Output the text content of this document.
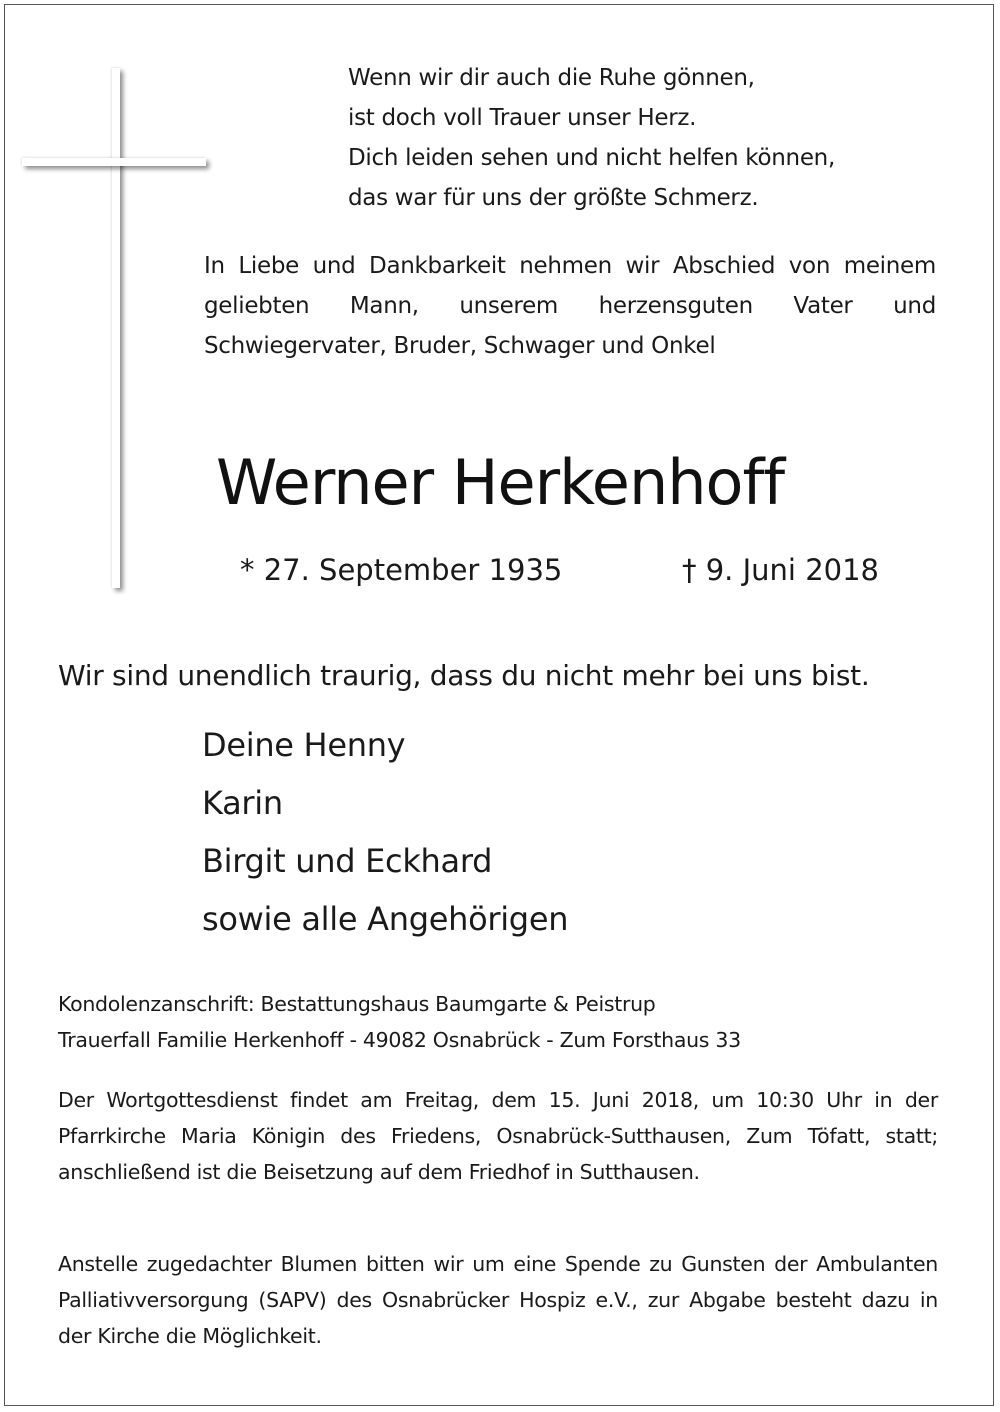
Wenn wir dir auch die Ruhe gönnen,
ist doch voll Trauer unser Herz.
Dich leiden sehen und nicht helfen können,
das war für uns der größte Schmerz.
In Liebe und Dankbarkeit nehmen wir Abschied von meinem geliebten Mann, unserem herzensguten Vater und Schwiegervater, Bruder, Schwager und Onkel
Werner Herkenhoff
* 27. September 1935	† 9. Juni 2018
Wir sind unendlich traurig, dass du nicht mehr bei uns bist.
Deine Henny
Karin
Birgit und Eckhard
sowie alle Angehörigen
Kondolenzanschrift: Bestattungshaus Baumgarte & Peistrup
Trauerfall Familie Herkenhoff - 49082 Osnabrück - Zum Forsthaus 33
Der Wortgottesdienst findet am Freitag, dem 15. Juni 2018, um 10:30 Uhr in der Pfarrkirche Maria Königin des Friedens, Osnabrück-Sutthausen, Zum Töfatt, statt; anschließend ist die Beisetzung auf dem Friedhof in Sutthausen.
Anstelle zugedachter Blumen bitten wir um eine Spende zu Gunsten der Ambulanten Palliativversorgung (SAPV) des Osnabrücker Hospiz e.V., zur Abgabe besteht dazu in der Kirche die Möglichkeit.
